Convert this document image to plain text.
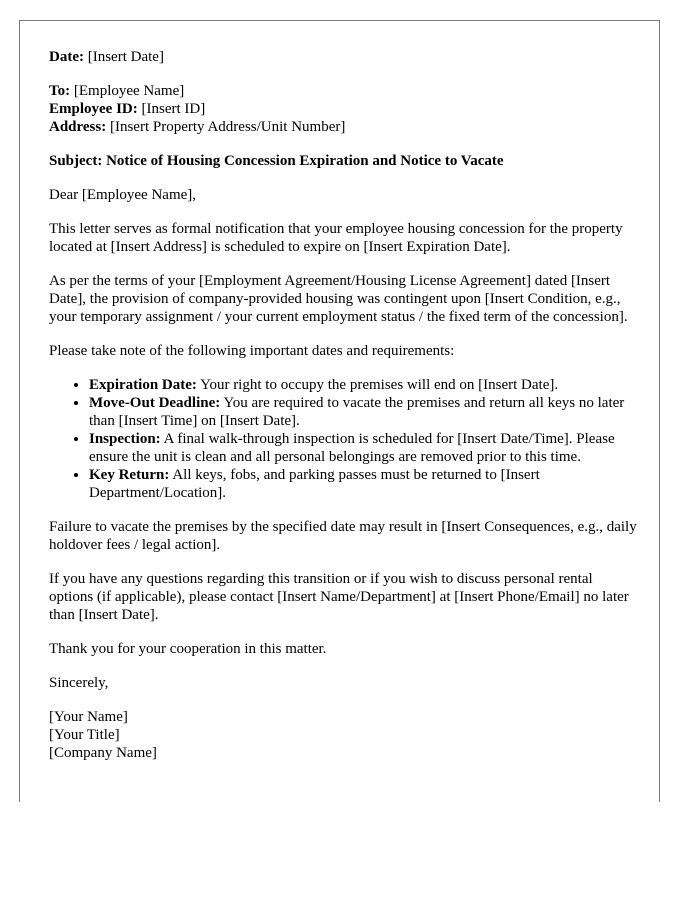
Date: [Insert Date]

To: [Employee Name]
Employee ID: [Insert ID]
Address: [Insert Property Address/Unit Number]

Subject: Notice of Housing Concession Expiration and Notice to Vacate

Dear [Employee Name],

This letter serves as formal notification that your employee housing concession for the property located at [Insert Address] is scheduled to expire on [Insert Expiration Date].

As per the terms of your [Employment Agreement/Housing License Agreement] dated [Insert Date], the provision of company-provided housing was contingent upon [Insert Condition, e.g., your temporary assignment / your current employment status / the fixed term of the concession].

Please take note of the following important dates and requirements:

• Expiration Date: Your right to occupy the premises will end on [Insert Date].
• Move-Out Deadline: You are required to vacate the premises and return all keys no later than [Insert Time] on [Insert Date].
• Inspection: A final walk-through inspection is scheduled for [Insert Date/Time]. Please ensure the unit is clean and all personal belongings are removed prior to this time.
• Key Return: All keys, fobs, and parking passes must be returned to [Insert Department/Location].

Failure to vacate the premises by the specified date may result in [Insert Consequences, e.g., daily holdover fees / legal action].

If you have any questions regarding this transition or if you wish to discuss personal rental options (if applicable), please contact [Insert Name/Department] at [Insert Phone/Email] no later than [Insert Date].

Thank you for your cooperation in this matter.

Sincerely,

[Your Name]

[Your Title]

[Company Name]
